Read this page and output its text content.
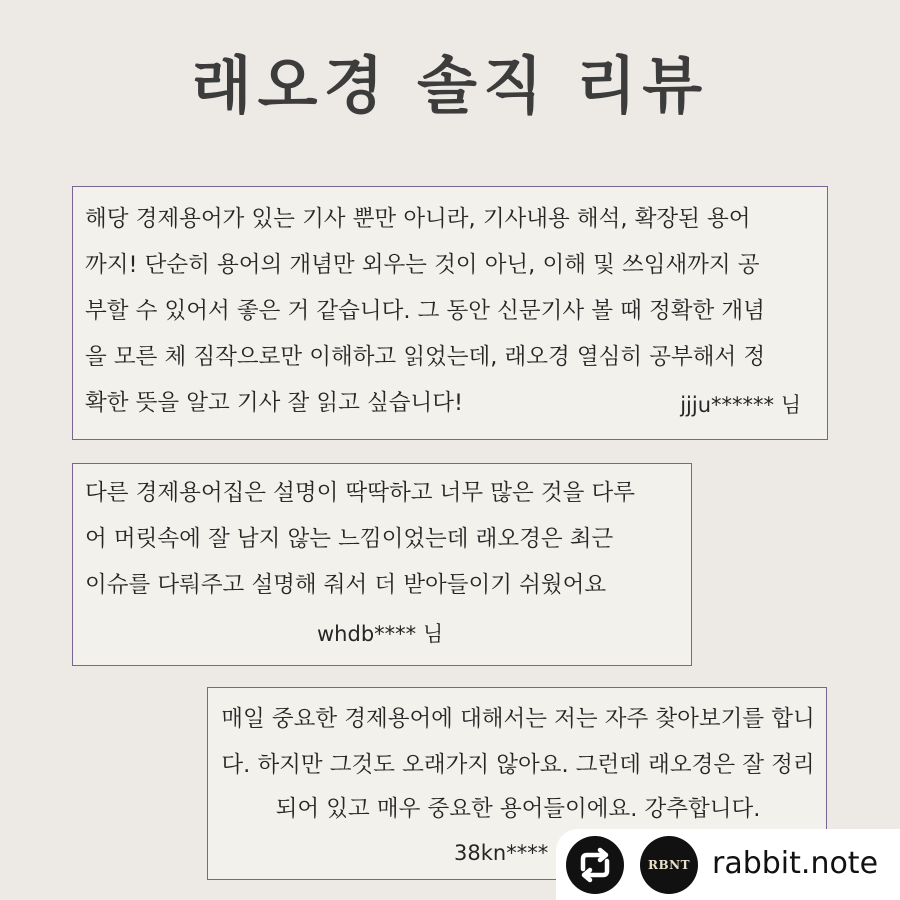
래오경 솔직 리뷰
해당 경제용어가 있는 기사 뿐만 아니라, 기사내용 해석, 확장된 용어
까지! 단순히 용어의 개념만 외우는 것이 아닌, 이해 및 쓰임새까지 공
부할 수 있어서 좋은 거 같습니다. 그 동안 신문기사 볼 때 정확한 개념
을 모른 체 짐작으로만 이해하고 읽었는데, 래오경 열심히 공부해서 정
확한 뜻을 알고 기사 잘 읽고 싶습니다!	jjju****** 님
다른 경제용어집은 설명이 딱딱하고 너무 많은 것을 다루
어 머릿속에 잘 남지 않는 느낌이었는데 래오경은 최근
이슈를 다뤄주고 설명해 줘서 더 받아들이기 쉬웠어요
whdb**** 님
매일 중요한 경제용어에 대해서는 저는 자주 찾아보기를 합니
다. 하지만 그것도 오래가지 않아요. 그런데 래오경은 잘 정리
되어 있고 매우 중요한 용어들이에요. 강추합니다.
38kn****	RBNT rabbit.note
